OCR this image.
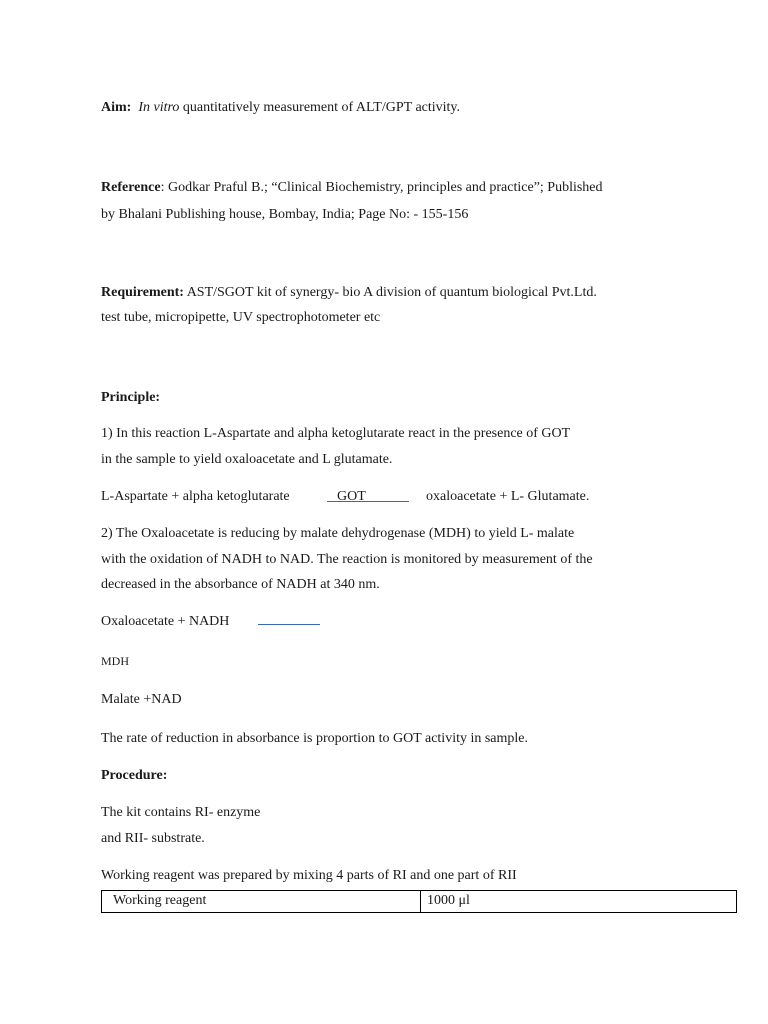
Aim: In vitro quantitatively measurement of ALT/GPT activity.
Reference: Godkar Praful B.; “Clinical Biochemistry, principles and practice”; Published
by Bhalani Publishing house, Bombay, India; Page No: - 155-156
Requirement: AST/SGOT kit of synergy- bio A division of quantum biological Pvt.Ltd.
test tube, micropipette, UV spectrophotometer etc
Principle:
1) In this reaction L-Aspartate and alpha ketoglutarate react in the presence of GOT
in the sample to yield oxaloacetate and L glutamate.
L-Aspartate + alpha ketoglutarate	GOT	oxaloacetate + L- Glutamate.
2) The Oxaloacetate is reducing by malate dehydrogenase (MDH) to yield L- malate
with the oxidation of NADH to NAD. The reaction is monitored by measurement of the
decreased in the absorbance of NADH at 340 nm.
Oxaloacetate + NADH
MDH
Malate +NAD
The rate of reduction in absorbance is proportion to GOT activity in sample.
Procedure:
The kit contains RI- enzyme
and RII- substrate.
Working reagent was prepared by mixing 4 parts of RI and one part of RII
Working reagent	1000 μl
